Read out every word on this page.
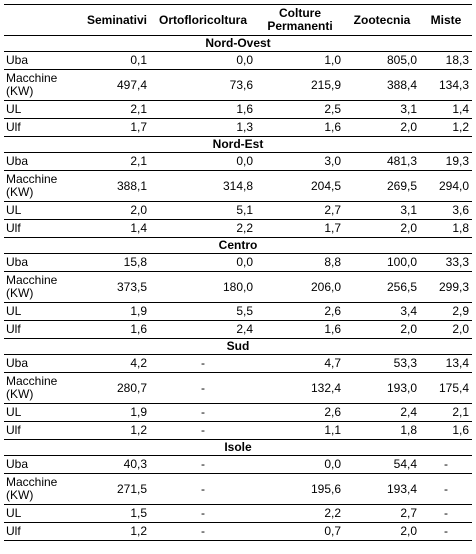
	Seminativi	Ortofloricoltura	Colture Permanenti	Zootecnia	Miste
Nord-Ovest					
Uba	0,1	0,0	1,0	805,0	18,3
Macchine (KW)	497,4	73,6	215,9	388,4	134,3
UL	2,1	1,6	2,5	3,1	1,4
Ulf	1,7	1,3	1,6	2,0	1,2
Nord-Est					
Uba	2,1	0,0	3,0	481,3	19,3
Macchine (KW)	388,1	314,8	204,5	269,5	294,0
UL	2,0	5,1	2,7	3,1	3,6
Ulf	1,4	2,2	1,7	2,0	1,8
Centro					
Uba	15,8	0,0	8,8	100,0	33,3
Macchine (KW)	373,5	180,0	206,0	256,5	299,3
UL	1,9	5,5	2,6	3,4	2,9
Ulf	1,6	2,4	1,6	2,0	2,0
Sud					
Uba	4,2	-	4,7	53,3	13,4
Macchine (KW)	280,7	-	132,4	193,0	175,4
UL	1,9	-	2,6	2,4	2,1
Ulf	1,2	-	1,1	1,8	1,6
Isole					
Uba	40,3	-	0,0	54,4	-
Macchine (KW)	271,5	-	195,6	193,4	-
UL	1,5	-	2,2	2,7	-
Ulf	1,2	-	0,7	2,0	-
